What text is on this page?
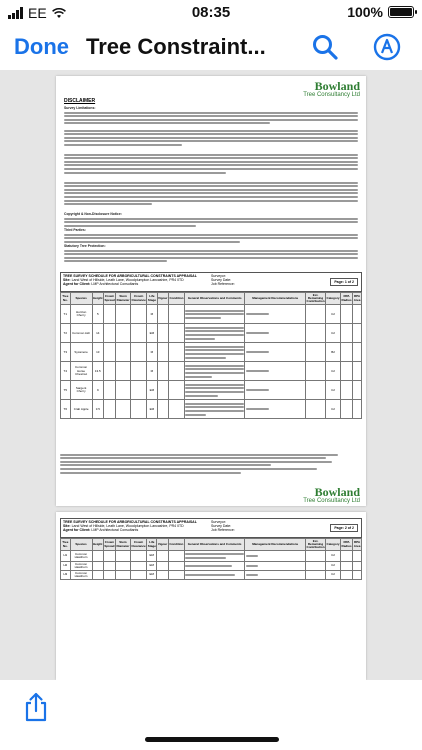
EE	08:35	100%
Done Tree Constraint...
Bowland
Tree Consultancy Ltd
DISCLAIMER
Survey Limitations:
Copyright & Non-Disclosure Notice:
Third Parties:
Statutory Tree Protection:
TREE SURVEY SCHEDULE FOR ARBORICULTURAL CONSTRAINTS APPRAISAL
Site: Land West of Hillside, Leath Lane, Woodplumpton Lancashire, PR4 0TD
Agent for Client: LMP Architectural Consultants
Surveyor:
Survey Date:
Job Reference:	Page: 1 of 2
Tree No.	Species	Height	Crown Spread	Stem Diameter	Crown Clearance	Life Stage	Vigour	Condition	General Observations and Comments	Management Recommendations	Est. Remaining Contribution	Category	RPA Radius	RPA Area
T1	Horizon Cherry	5				M						C2		
T2	Common Ash	14				EM						C2		
T3	Sycamore	13				M						B2		
T4	Common Horse Chestnut	13.5				M						C2		
T5	Sargent Cherry	9				EM						C2		
T6	Crab Apple	3.5				EM						C2		
Bowland
Tree Consultancy Ltd
TREE SURVEY SCHEDULE FOR ARBORICULTURAL CONSTRAINTS APPRAISAL
Site: Land West of Hillside, Leath Lane, Woodplumpton Lancashire, PR4 0TD
Agent for Client: LMP Architectural Consultants
Surveyor:
Survey Date:
Job Reference:	Page: 2 of 2
Tree No.	Species	Height	Crown Spread	Stem Diameter	Crown Clearance	Life Stage	Vigour	Condition	General Observations and Comments	Management Recommendations	Est. Remaining Contribution	Category	RPA Radius	RPA Area
H1	Common Hawthorn					EM						C2		
H2	Common Hawthorn					EM						C2		
H3	Common Hawthorn					EM						C2		
